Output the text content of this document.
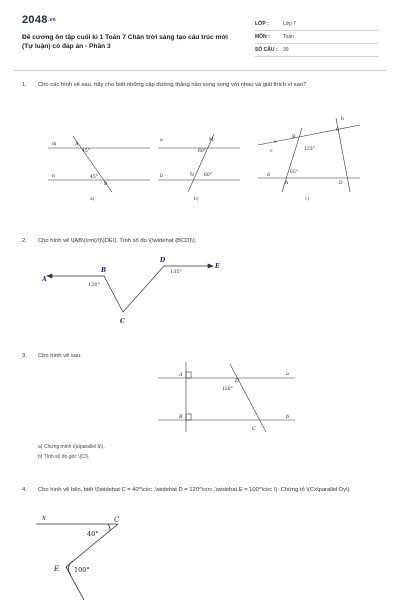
2048.vn
Đề cương ôn tập cuối kì 1 Toán 7 Chân trời sáng tạo cấu trúc mới (Tự luận) có đáp án - Phần 3
LỚP :	Lớp 7
MÔN :	Toán
SỐ CÂU :	39
1. Cho các hình vẽ sau, hãy cho biết những cặp đường thẳng nào song song với nhau và giải thích vì sao?
m	A
n
B
45°
45°
a	M
b	N
60°
60°
b
B
C
e
d
A	D
125°
65°
c
a)	b)	c)
A
B
D
E
C
120°
135°
A
D
a
B
C
b
120°
x	C
E
40°
100°
2. Cho hình vẽ \(AB\(\rm{//}\)DE\). Tính số đo \(\widehat {BCD}\).
3. Cho hình vẽ sau.
a) Chứng minh \(a\parallel b\).
b) Tính số đo góc \(C\).
4. Cho hình vẽ bên, biết \(\widehat C = 40^\circ ,\widehat D = 120^\circ ,\widehat E = 100^\circ \). Chứng tỏ \(Cx\parallel Dy\).
